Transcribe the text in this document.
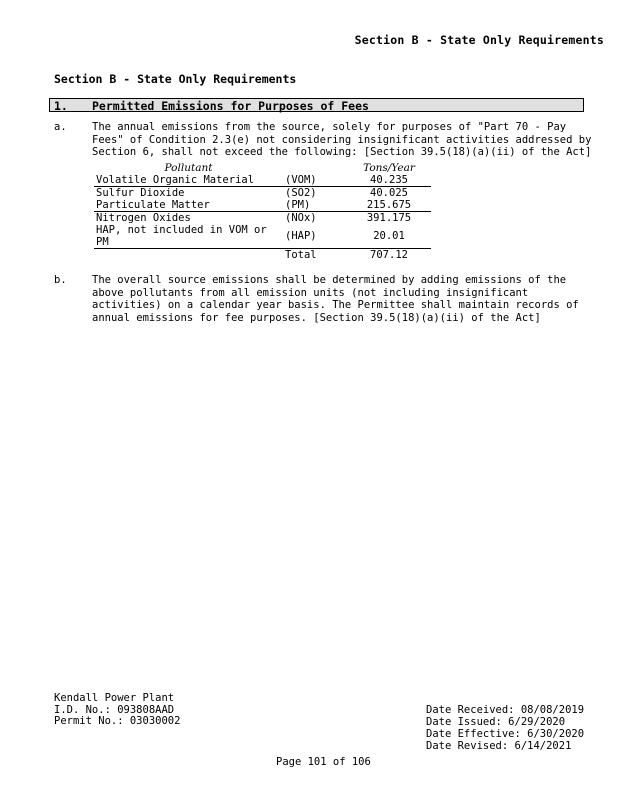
Section B - State Only Requirements
Section B - State Only Requirements
1. Permitted Emissions for Purposes of Fees
a. The annual emissions from the source, solely for purposes of "Part 70 - Pay Fees" of Condition 2.3(e) not considering insignificant activities addressed by Section 6, shall not exceed the following: [Section 39.5(18)(a)(ii) of the Act]
Pollutant		Tons/Year
Volatile Organic Material	(VOM)	40.235
Sulfur Dioxide	(SO2)	40.025
Particulate Matter	(PM)	215.675
Nitrogen Oxides	(NOx)	391.175
HAP, not included in VOM or PM	(HAP)	20.01
	Total	707.12
b. The overall source emissions shall be determined by adding emissions of the above pollutants from all emission units (not including insignificant activities) on a calendar year basis. The Permittee shall maintain records of annual emissions for fee purposes. [Section 39.5(18)(a)(ii) of the Act]
Kendall Power Plant
I.D. No.: 093808AAD
Permit No.: 03030002
Date Received: 08/08/2019
Date Issued: 6/29/2020
Date Effective: 6/30/2020
Date Revised: 6/14/2021
Page 101 of 106
